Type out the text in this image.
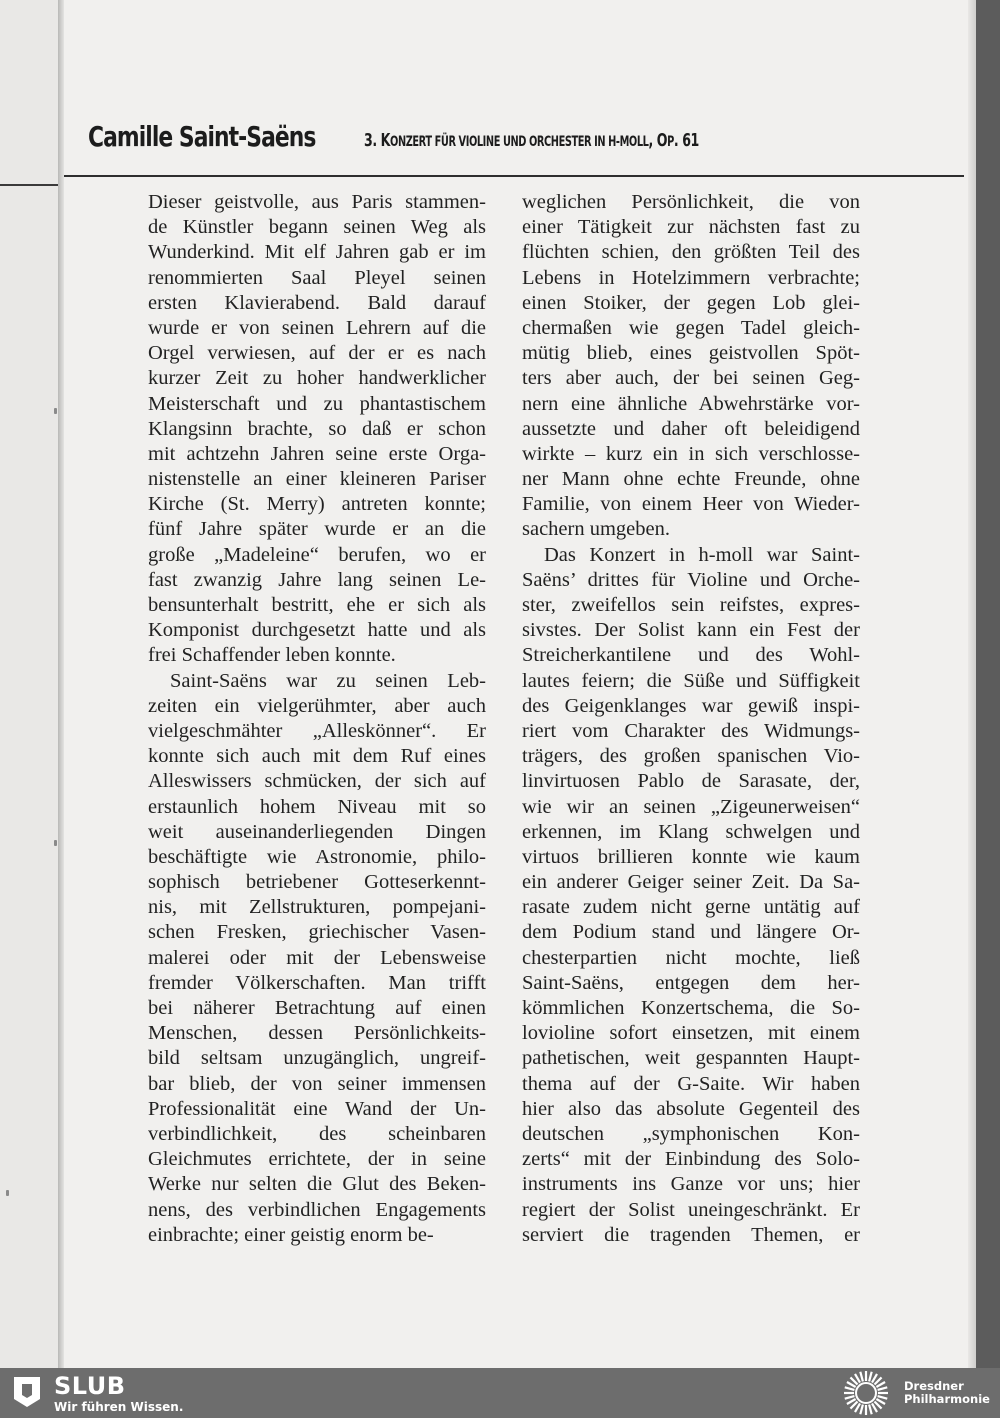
Camille Saint-Saëns	3. KONZERT FÜR VIOLINE UND ORCHESTER IN H-MOLL, OP. 61
Dieser geistvolle, aus Paris stammen-
de Künstler begann seinen Weg als
Wunderkind. Mit elf Jahren gab er im
renommierten Saal Pleyel seinen
ersten Klavierabend. Bald darauf
wurde er von seinen Lehrern auf die
Orgel verwiesen, auf der er es nach
kurzer Zeit zu hoher handwerklicher
Meisterschaft und zu phantastischem
Klangsinn brachte, so daß er schon
mit achtzehn Jahren seine erste Orga-
nistenstelle an einer kleineren Pariser
Kirche (St. Merry) antreten konnte;
fünf Jahre später wurde er an die
große „Madeleine“ berufen, wo er
fast zwanzig Jahre lang seinen Le-
bensunterhalt bestritt, ehe er sich als
Komponist durchgesetzt hatte und als
frei Schaffender leben konnte.
Saint-Saëns war zu seinen Leb-
zeiten ein vielgerühmter, aber auch
vielgeschmähter „Alleskönner“. Er
konnte sich auch mit dem Ruf eines
Alleswissers schmücken, der sich auf
erstaunlich hohem Niveau mit so
weit auseinanderliegenden Dingen
beschäftigte wie Astronomie, philo-
sophisch betriebener Gotteserkennt-
nis, mit Zellstrukturen, pompejani-
schen Fresken, griechischer Vasen-
malerei oder mit der Lebensweise
fremder Völkerschaften. Man trifft
bei näherer Betrachtung auf einen
Menschen, dessen Persönlichkeits-
bild seltsam unzugänglich, ungreif-
bar blieb, der von seiner immensen
Professionalität eine Wand der Un-
verbindlichkeit, des scheinbaren
Gleichmutes errichtete, der in seine
Werke nur selten die Glut des Beken-
nens, des verbindlichen Engagements
einbrachte; einer geistig enorm be-
weglichen Persönlichkeit, die von
einer Tätigkeit zur nächsten fast zu
flüchten schien, den größten Teil des
Lebens in Hotelzimmern verbrachte;
einen Stoiker, der gegen Lob glei-
chermaßen wie gegen Tadel gleich-
mütig blieb, eines geistvollen Spöt-
ters aber auch, der bei seinen Geg-
nern eine ähnliche Abwehrstärke vor-
aussetzte und daher oft beleidigend
wirkte – kurz ein in sich verschlosse-
ner Mann ohne echte Freunde, ohne
Familie, von einem Heer von Wieder-
sachern umgeben.
Das Konzert in h-moll war Saint-
Saëns’ drittes für Violine und Orche-
ster, zweifellos sein reifstes, expres-
sivstes. Der Solist kann ein Fest der
Streicherkantilene und des Wohl-
lautes feiern; die Süße und Süffigkeit
des Geigenklanges war gewiß inspi-
riert vom Charakter des Widmungs-
trägers, des großen spanischen Vio-
linvirtuosen Pablo de Sarasate, der,
wie wir an seinen „Zigeunerweisen“
erkennen, im Klang schwelgen und
virtuos brillieren konnte wie kaum
ein anderer Geiger seiner Zeit. Da Sa-
rasate zudem nicht gerne untätig auf
dem Podium stand und längere Or-
chesterpartien nicht mochte, ließ
Saint-Saëns, entgegen dem her-
kömmlichen Konzertschema, die So-
lovioline sofort einsetzen, mit einem
pathetischen, weit gespannten Haupt-
thema auf der G-Saite. Wir haben
hier also das absolute Gegenteil des
deutschen „symphonischen Kon-
zerts“ mit der Einbindung des Solo-
instruments ins Ganze vor uns; hier
regiert der Solist uneingeschränkt. Er
serviert die tragenden Themen, er
SLUB
Wir führen Wissen.
Dresdner
Philharmonie
